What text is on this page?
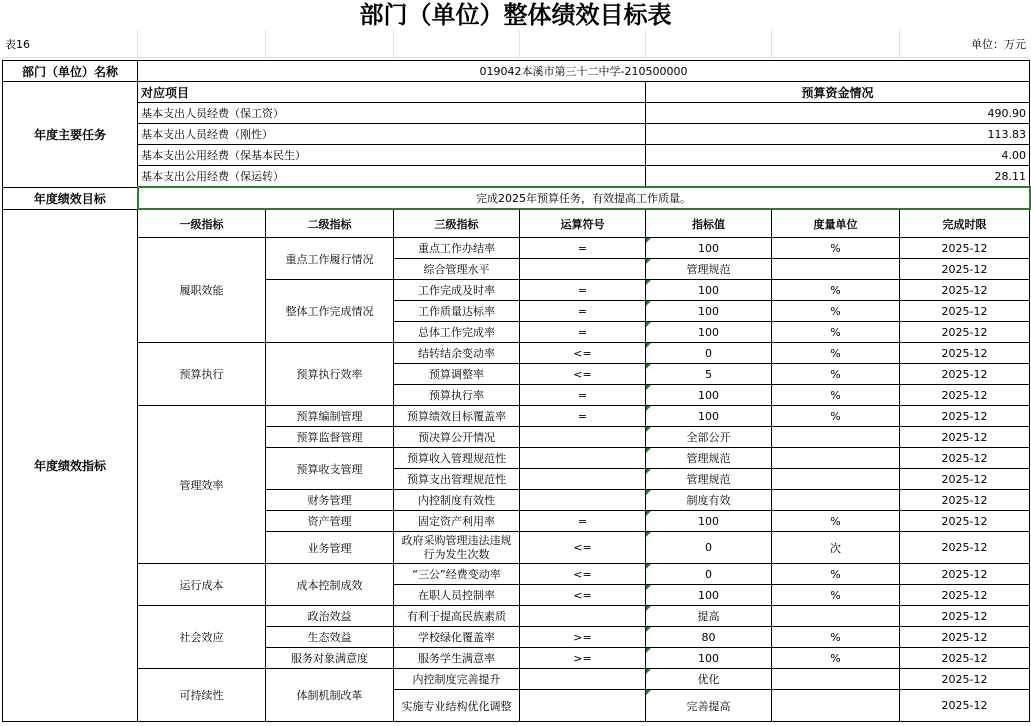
部门（单位）整体绩效目标表
表16							单位：万元
部门（单位）名称	019042本溪市第三十二中学-210500000						
年度主要任务	对应项目				预算资金情况		
	基本支出人员经费（保工资）				490.90		
	基本支出人员经费（刚性）				113.83		
	基本支出公用经费（保基本民生）				4.00		
	基本支出公用经费（保运转）				28.11		
年度绩效目标	完成2025年预算任务，有效提高工作质量。						
年度绩效指标	一级指标	二级指标	三级指标	运算符号	指标值	度量单位	完成时限
	履职效能	重点工作履行情况	重点工作办结率	=	100	%	2025-12
			综合管理水平		管理规范		2025-12
		整体工作完成情况	工作完成及时率	=	100	%	2025-12
			工作质量达标率	=	100	%	2025-12
			总体工作完成率	=	100	%	2025-12
	预算执行	预算执行效率	结转结余变动率	<=	0	%	2025-12
			预算调整率	<=	5	%	2025-12
			预算执行率	=	100	%	2025-12
	管理效率	预算编制管理	预算绩效目标覆盖率	=	100	%	2025-12
		预算监督管理	预决算公开情况		全部公开		2025-12
		预算收支管理	预算收入管理规范性		管理规范		2025-12
			预算支出管理规范性		管理规范		2025-12
		财务管理	内控制度有效性		制度有效		2025-12
		资产管理	固定资产利用率	=	100	%	2025-12
		业务管理	政府采购管理违法违规行为发生次数	<=	0	次	2025-12
	运行成本	成本控制成效	“三公”经费变动率	<=	0	%	2025-12
			在职人员控制率	<=	100	%	2025-12
	社会效应	政治效益	有利于提高民族素质		提高		2025-12
		生态效益	学校绿化覆盖率	>=	80	%	2025-12
		服务对象满意度	服务学生满意率	>=	100	%	2025-12
	可持续性	体制机制改革	内控制度完善提升		优化		2025-12
			实施专业结构优化调整		完善提高		2025-12
